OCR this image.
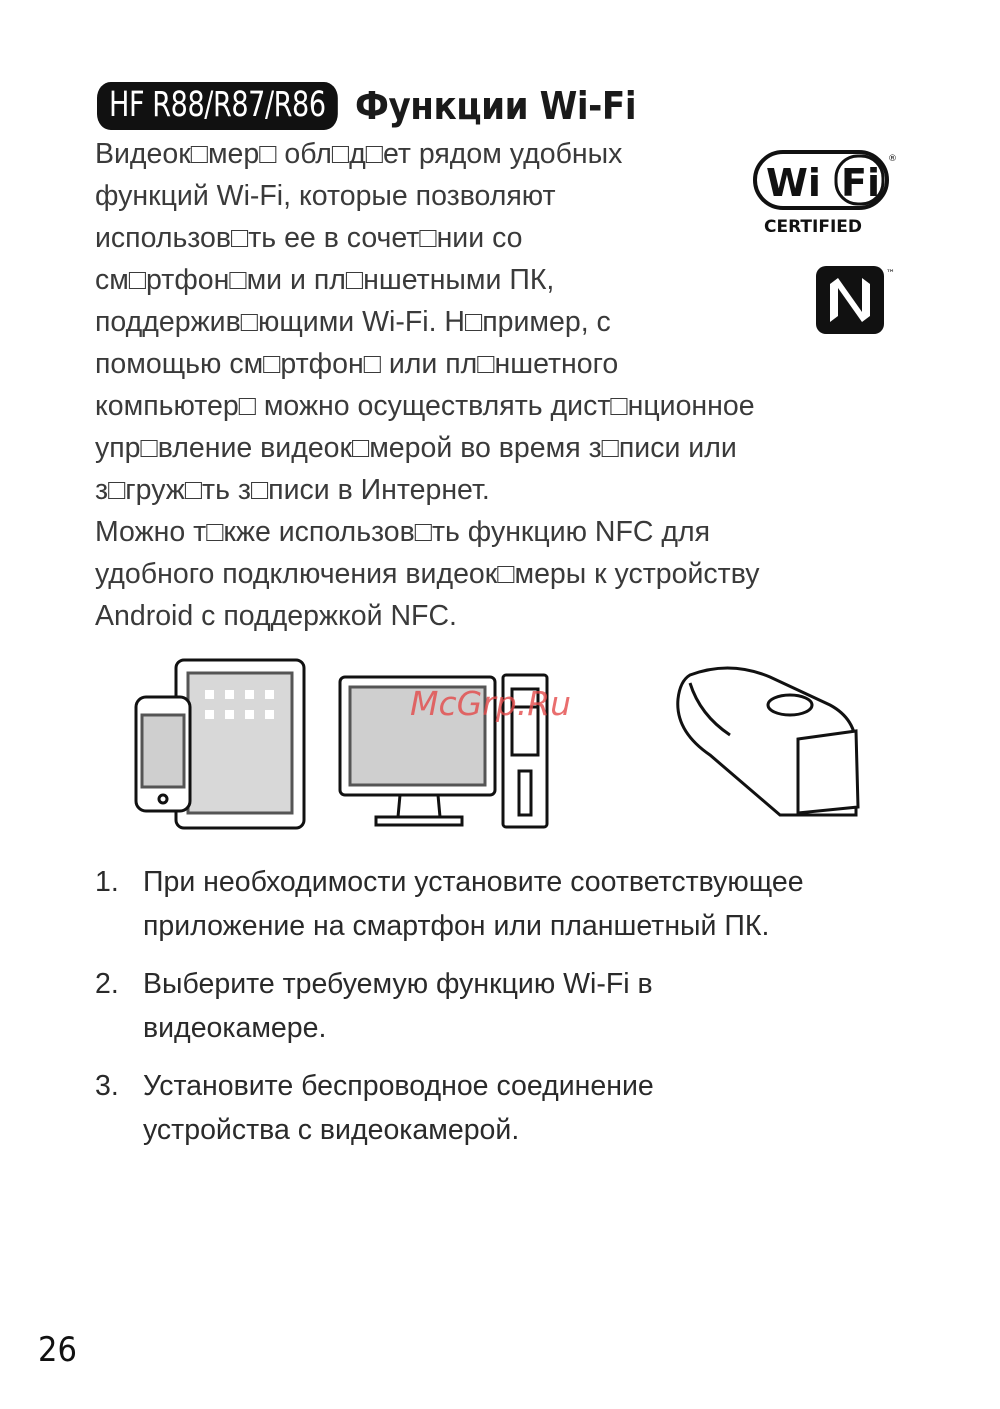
HF R88/R87/R86 Функции Wi-Fi
Видеок□мер□ обл□д□ет рядом удобных
функций Wi-Fi, которые позволяют
использов□ть ее в сочет□нии со
см□ртфон□ми и пл□ншетными ПК,
поддержив□ющими Wi-Fi. Н□пример, с
помощью см□ртфон□ или пл□ншетного
компьютер□ можно осуществлять дист□нционное
упр□вление видеок□мерой во время з□писи или
з□груж□ть з□писи в Интернет.
Можно т□кже использов□ть функцию NFC для
удобного подключения видеок□меры к устройству
Android с поддержкой NFC.
Wi Fi
®
CERTIFIED
™
McGrp.Ru
1. При необходимости установите соответствующее
приложение на смартфон или планшетный ПК.
2. Выберите требуемую функцию Wi-Fi в
видеокамере.
3. Установите беспроводное соединение
устройства с видеокамерой.
26
